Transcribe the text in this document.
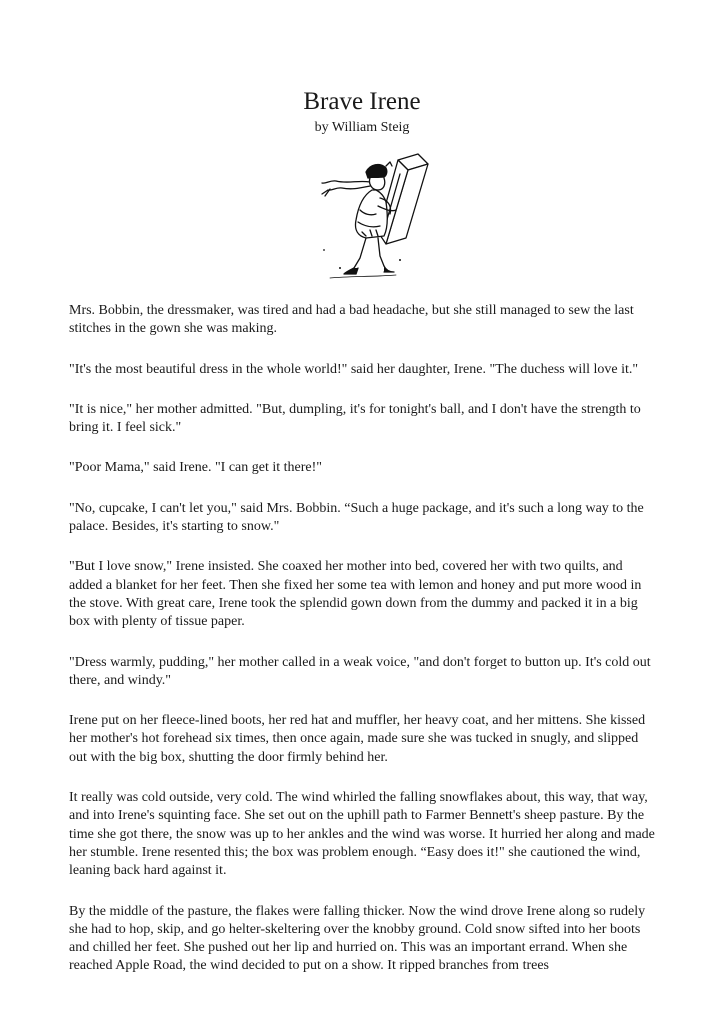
Brave Irene
by William Steig

Mrs. Bobbin, the dressmaker, was tired and had a bad headache, but she still managed to sew the last stitches in the gown she was making.

"It's the most beautiful dress in the whole world!" said her daughter, Irene. "The duchess will love it."

"It is nice," her mother admitted. "But, dumpling, it's for tonight's ball, and I don't have the strength to bring it. I feel sick."

"Poor Mama," said Irene. "I can get it there!"

"No, cupcake, I can't let you," said Mrs. Bobbin. “Such a huge package, and it's such a long way to the palace. Besides, it's starting to snow."

"But I love snow," Irene insisted. She coaxed her mother into bed, covered her with two quilts, and added a blanket for her feet. Then she fixed her some tea with lemon and honey and put more wood in the stove. With great care, Irene took the splendid gown down from the dummy and packed it in a big box with plenty of tissue paper.

"Dress warmly, pudding," her mother called in a weak voice, "and don't forget to button up. It's cold out there, and windy."

Irene put on her fleece-lined boots, her red hat and muffler, her heavy coat, and her mittens. She kissed her mother's hot forehead six times, then once again, made sure she was tucked in snugly, and slipped out with the big box, shutting the door firmly behind her.

It really was cold outside, very cold. The wind whirled the falling snowflakes about, this way, that way, and into Irene's squinting face. She set out on the uphill path to Farmer Bennett's sheep pasture. By the time she got there, the snow was up to her ankles and the wind was worse. It hurried her along and made her stumble. Irene resented this; the box was problem enough. “Easy does it!" she cautioned the wind, leaning back hard against it.

By the middle of the pasture, the flakes were falling thicker. Now the wind drove Irene along so rudely she had to hop, skip, and go helter-skeltering over the knobby ground. Cold snow sifted into her boots and chilled her feet. She pushed out her lip and hurried on. This was an important errand. When she reached Apple Road, the wind decided to put on a show. It ripped branches from trees
